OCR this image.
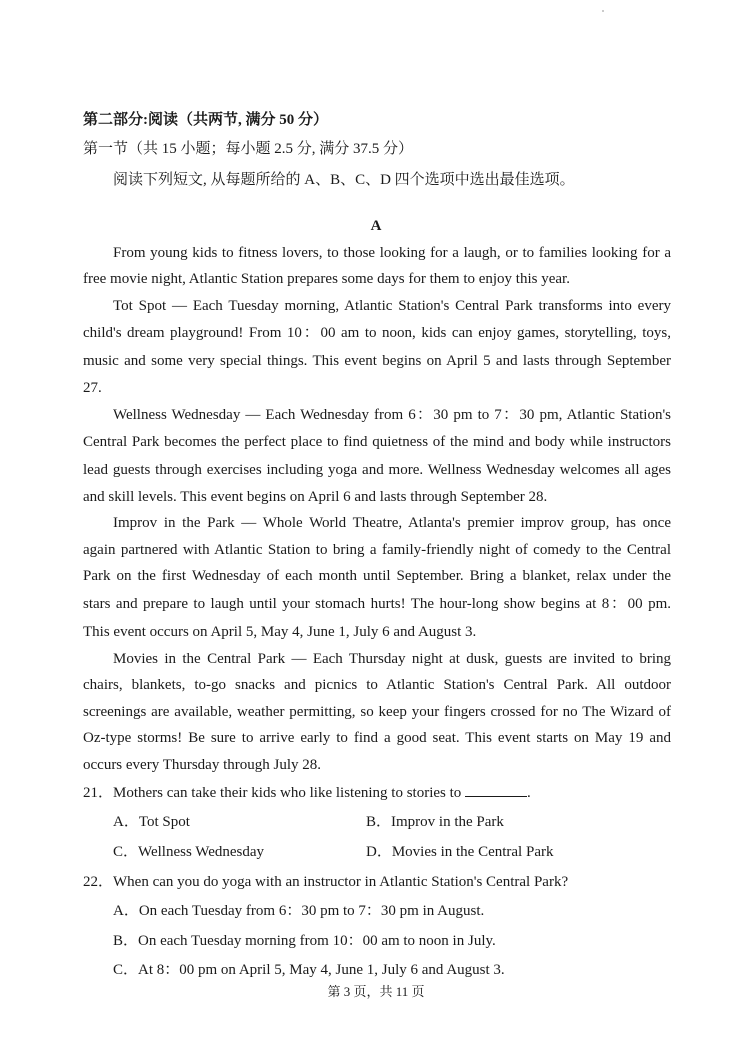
第二部分:阅读（共两节, 满分 50 分）
第一节（共 15 小题；每小题 2.5 分, 满分 37.5 分）
阅读下列短文, 从每题所给的 A、B、C、D 四个选项中选出最佳选项。
A
From young kids to fitness lovers, to those looking for a laugh, or to families looking for a
free movie night, Atlantic Station prepares some days for them to enjoy this year.
Tot Spot — Each Tuesday morning, Atlantic Station's Central Park transforms into every
child's dream playground! From 10：00 am to noon, kids can enjoy games, storytelling, toys,
music and some very special things. This event begins on April 5 and lasts through September
27.
Wellness Wednesday — Each Wednesday from 6：30 pm to 7：30 pm, Atlantic Station's
Central Park becomes the perfect place to find quietness of the mind and body while instructors
lead guests through exercises including yoga and more. Wellness Wednesday welcomes all ages
and skill levels. This event begins on April 6 and lasts through September 28.
Improv in the Park — Whole World Theatre, Atlanta's premier improv group, has once
again partnered with Atlantic Station to bring a family-friendly night of comedy to the Central
Park on the first Wednesday of each month until September. Bring a blanket, relax under the
stars and prepare to laugh until your stomach hurts! The hour-long show begins at 8：00 pm.
This event occurs on April 5, May 4, June 1, July 6 and August 3.
Movies in the Central Park — Each Thursday night at dusk, guests are invited to bring
chairs, blankets, to-go snacks and picnics to Atlantic Station's Central Park. All outdoor
screenings are available, weather permitting, so keep your fingers crossed for no The Wizard of
Oz-type storms! Be sure to arrive early to find a good seat. This event starts on May 19 and
occurs every Thursday through July 28.
21．Mothers can take their kids who like listening to stories to	.
A．Tot Spot	B．Improv in the Park
C．Wellness Wednesday	D．Movies in the Central Park
22．When can you do yoga with an instructor in Atlantic Station's Central Park?
A．On each Tuesday from 6：30 pm to 7：30 pm in August.
B．On each Tuesday morning from 10：00 am to noon in July.
C．At 8：00 pm on April 5, May 4, June 1, July 6 and August 3.
第 3 页，共 11 页
